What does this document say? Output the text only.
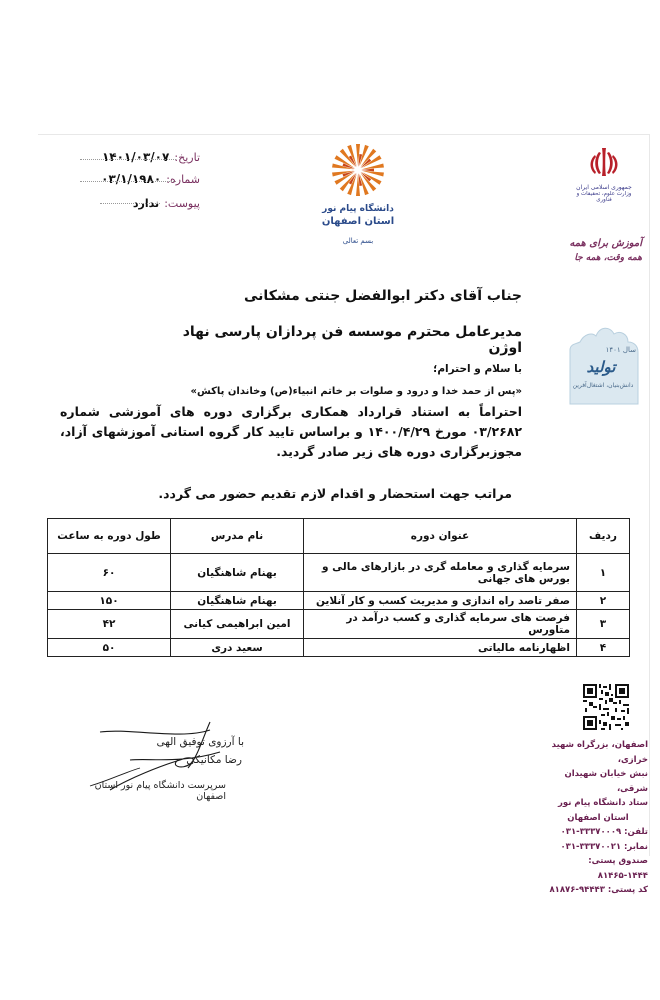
تاریخ: ۱۴۰۱/۰۳/۰۷
شماره: ۰۳/۱/۱۹۸۰
پیوست: ندارد	دانشگاه پیام نور
استان اصفهان
بسم تعالی
جمهوری اسلامی ایران
وزارت علوم، تحقیقات و فناوری
آموزش برای همه
همه وقت، همه جا
سال ۱۴۰۱
تولید
دانش‌بنیان، اشتغال‌آفرین
جناب آقای دکتر ابوالفضل جنتی مشکانی
مدیرعامل محترم موسسه فن پردازان پارسی نهاد اوژن
با سلام و احترام؛
«پس از حمد خدا و درود و صلوات بر خاتم انبیاء(ص) وخاندان پاکش»
احتراماً به استناد قرارداد همکاری برگزاری دوره های آموزشی شماره ۰۳/۲۶۸۲ مورخ ۱۴۰۰/۴/۲۹ و براساس تایید کار گروه استانی آموزشهای آزاد، مجوزبرگزاری دوره های زیر صادر گردید.
مراتب جهت استحضار و اقدام لازم تقدیم حضور می گردد.
ردیف	عنوان دوره	نام مدرس	طول دوره به ساعت
۱	سرمایه گذاری و معامله گری در بازارهای مالی و بورس های جهانی	بهنام شاهنگیان	۶۰
۲	صفر تاصد راه اندازی و مدیریت کسب و کار آنلاین	بهنام شاهنگیان	۱۵۰
۳	فرصت های سرمایه گذاری و کسب درآمد در متاورس	امین ابراهیمی کیانی	۴۲
۴	اظهارنامه مالیاتی	سعید دری	۵۰
با آرزوی توفیق الهی
رضا مکانیکی
سرپرست دانشگاه پیام نور استان اصفهان
اصفهان، بزرگراه شهید خرازی،
نبش خیابان شهیدان شرقی،
ستاد دانشگاه پیام نور
استان اصفهان
تلفن: ۳۳۳۷۰۰۰۹-۰۳۱
نمابر: ۳۳۳۷۰۰۲۱-۰۳۱
صندوق پستی: ۱۴۴۴-۸۱۴۶۵
کد پستی: ۹۴۴۴۳-۸۱۸۷۶
